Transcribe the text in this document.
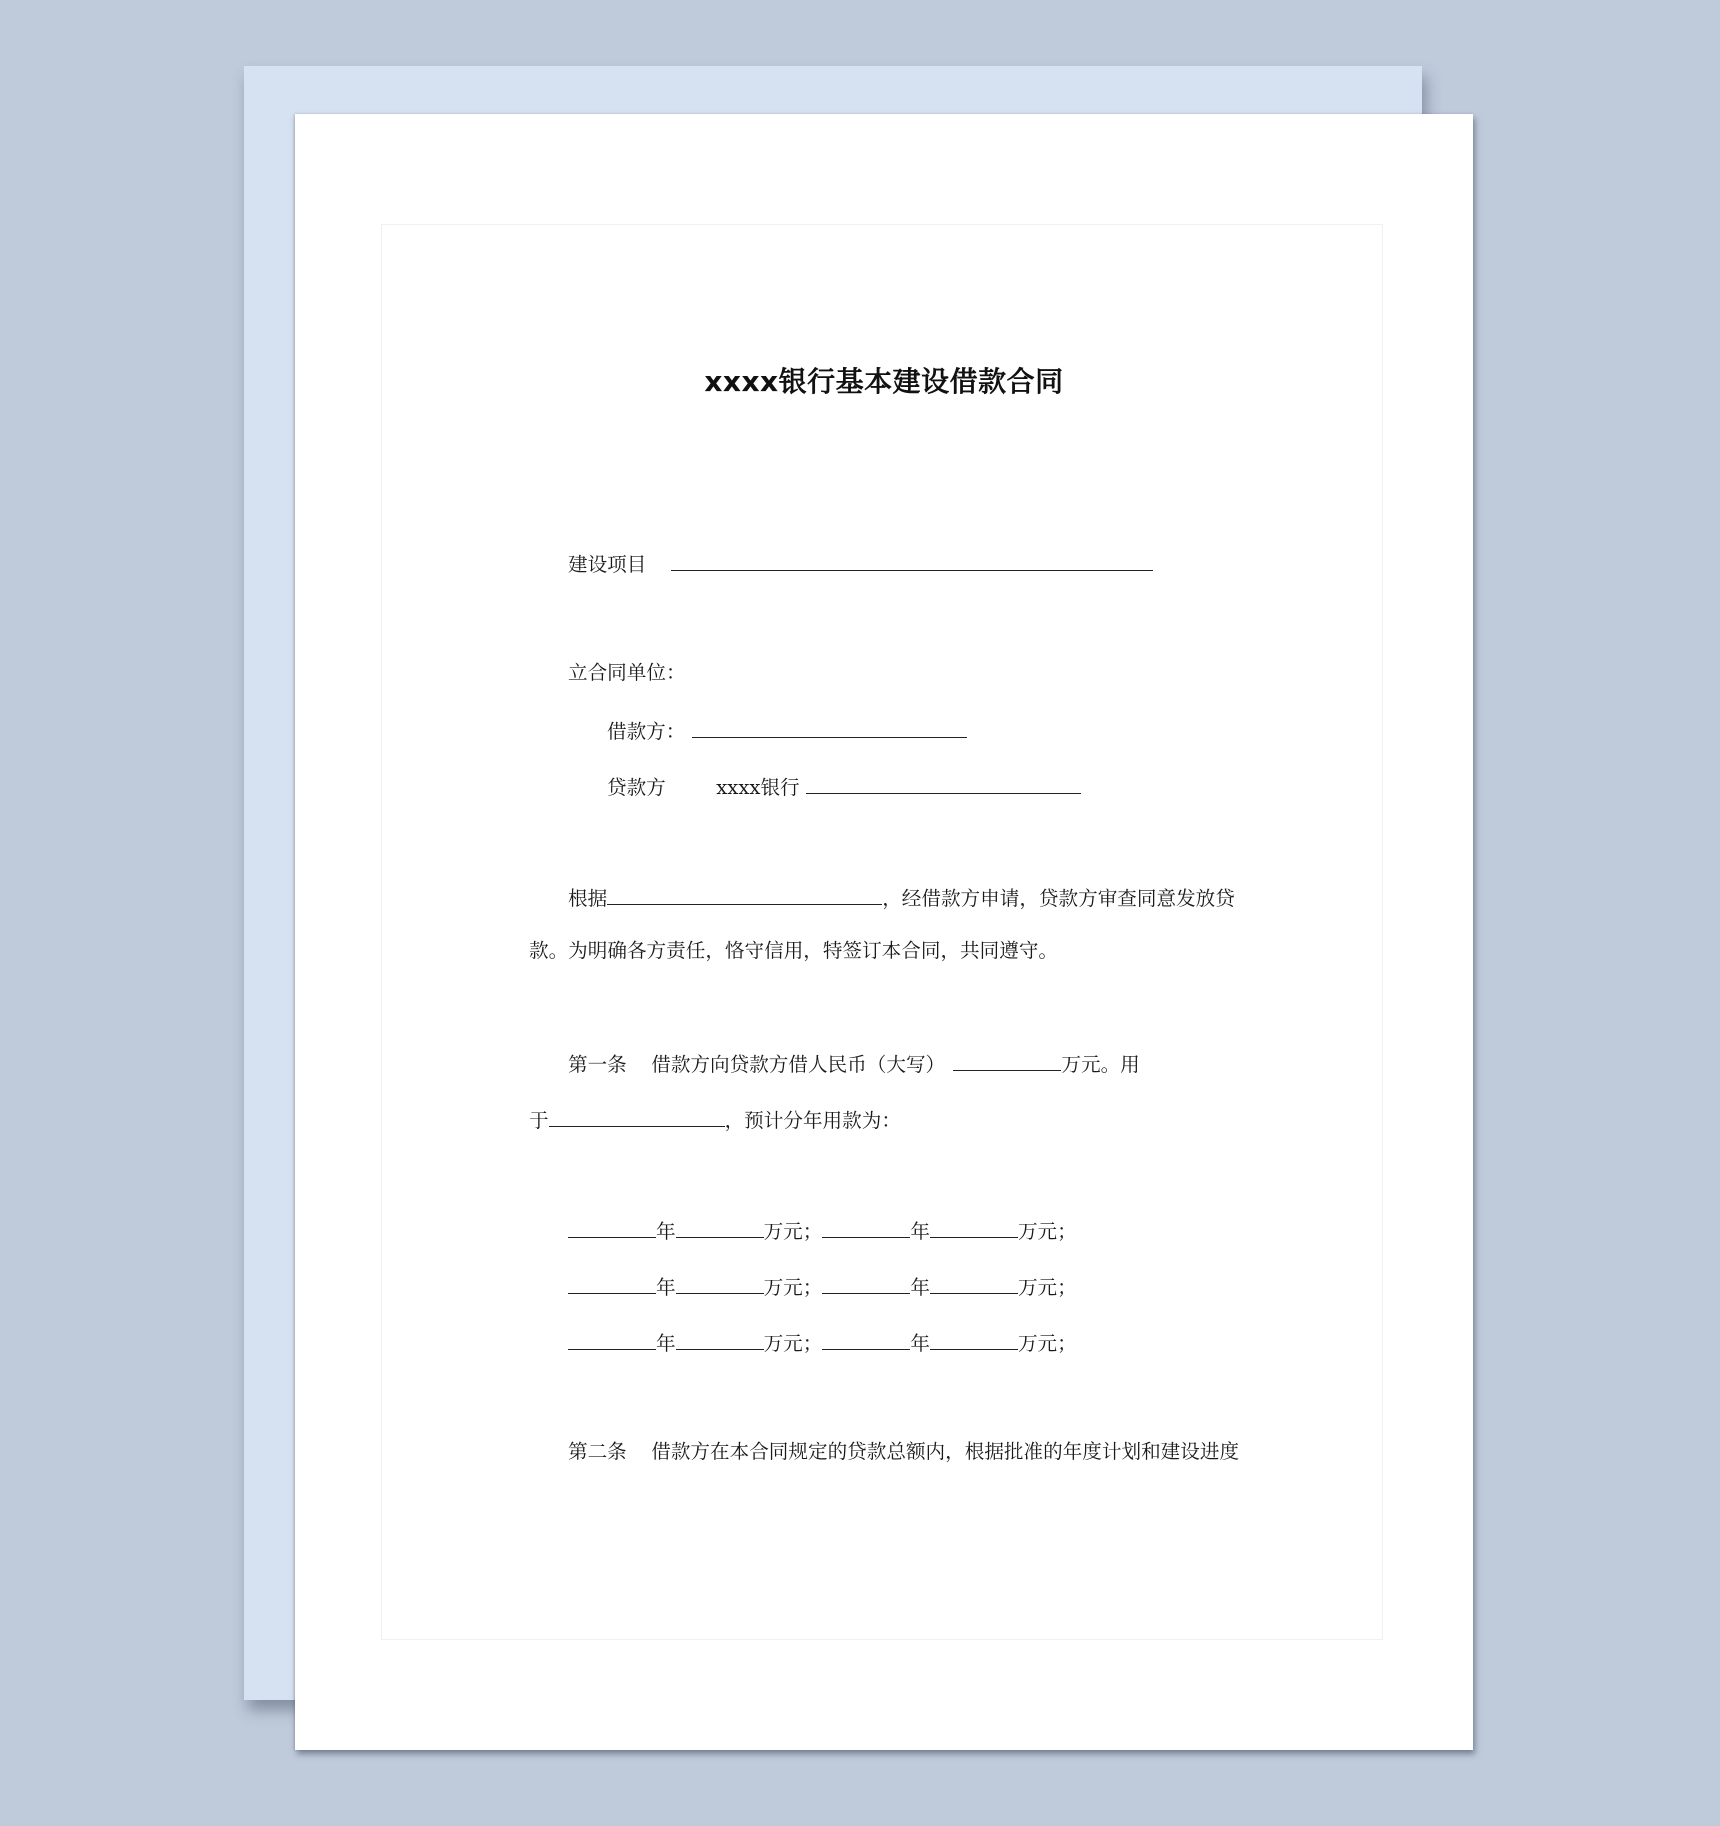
xxxx银行基本建设借款合同
建设项目
立合同单位：
借款方：
贷款方	xxxx银行
根据	，经借款方申请，贷款方审查同意发放贷
款。为明确各方责任，恪守信用，特签订本合同，共同遵守。
第一条 借款方向贷款方借人民币（大写）	万元。用
于	，预计分年用款为：
年	万元；	年	万元；
年	万元；	年	万元；
年	万元；	年	万元；
第二条 借款方在本合同规定的贷款总额内，根据批准的年度计划和建设进度
